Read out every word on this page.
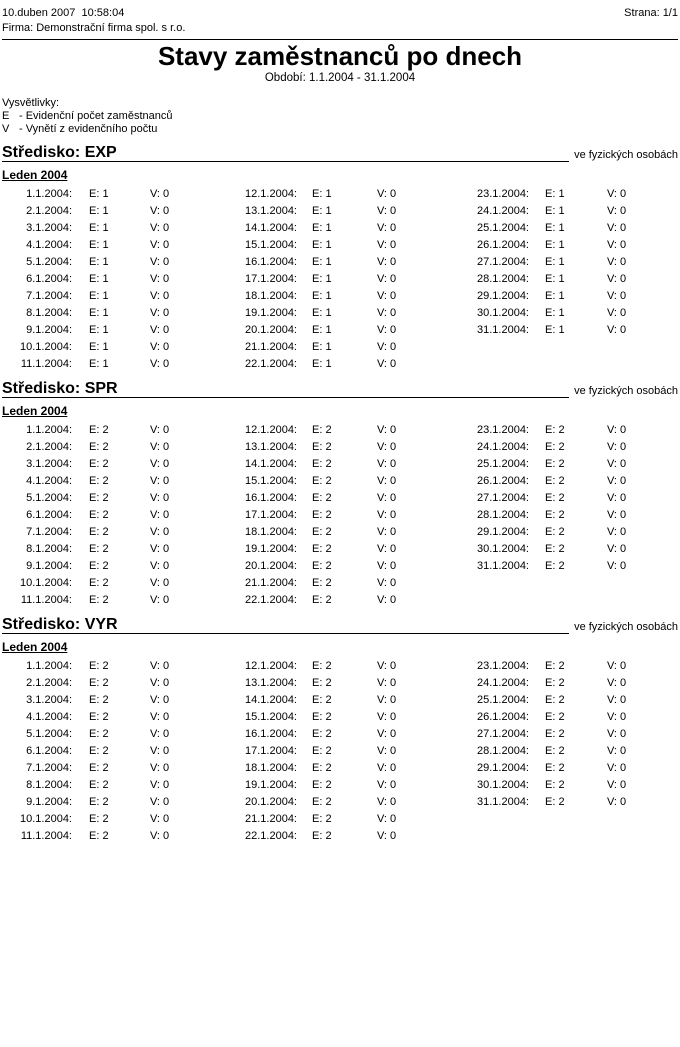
10.duben 2007  10:58:04	Strana: 1/1
Firma: Demonstrační firma spol. s r.o.
Stavy zaměstnanců po dnech
Období: 1.1.2004 - 31.1.2004
Vysvětlivky:
E - Evidenční počet zaměstnanců
V - Vynětí z evidenčního počtu
Středisko: EXP	ve fyzických osobách
Leden 2004
1.1.2004: E: 1	V: 0	12.1.2004: E: 1	V: 0	23.1.2004: E: 1	V: 0
2.1.2004: E: 1	V: 0	13.1.2004: E: 1	V: 0	24.1.2004: E: 1	V: 0
3.1.2004: E: 1	V: 0	14.1.2004: E: 1	V: 0	25.1.2004: E: 1	V: 0
4.1.2004: E: 1	V: 0	15.1.2004: E: 1	V: 0	26.1.2004: E: 1	V: 0
5.1.2004: E: 1	V: 0	16.1.2004: E: 1	V: 0	27.1.2004: E: 1	V: 0
6.1.2004: E: 1	V: 0	17.1.2004: E: 1	V: 0	28.1.2004: E: 1	V: 0
7.1.2004: E: 1	V: 0	18.1.2004: E: 1	V: 0	29.1.2004: E: 1	V: 0
8.1.2004: E: 1	V: 0	19.1.2004: E: 1	V: 0	30.1.2004: E: 1	V: 0
9.1.2004: E: 1	V: 0	20.1.2004: E: 1	V: 0	31.1.2004: E: 1	V: 0
10.1.2004: E: 1	V: 0	21.1.2004: E: 1	V: 0
11.1.2004: E: 1	V: 0	22.1.2004: E: 1	V: 0
Středisko: SPR	ve fyzických osobách
Leden 2004
1.1.2004: E: 2	V: 0	12.1.2004: E: 2	V: 0	23.1.2004: E: 2	V: 0
2.1.2004: E: 2	V: 0	13.1.2004: E: 2	V: 0	24.1.2004: E: 2	V: 0
3.1.2004: E: 2	V: 0	14.1.2004: E: 2	V: 0	25.1.2004: E: 2	V: 0
4.1.2004: E: 2	V: 0	15.1.2004: E: 2	V: 0	26.1.2004: E: 2	V: 0
5.1.2004: E: 2	V: 0	16.1.2004: E: 2	V: 0	27.1.2004: E: 2	V: 0
6.1.2004: E: 2	V: 0	17.1.2004: E: 2	V: 0	28.1.2004: E: 2	V: 0
7.1.2004: E: 2	V: 0	18.1.2004: E: 2	V: 0	29.1.2004: E: 2	V: 0
8.1.2004: E: 2	V: 0	19.1.2004: E: 2	V: 0	30.1.2004: E: 2	V: 0
9.1.2004: E: 2	V: 0	20.1.2004: E: 2	V: 0	31.1.2004: E: 2	V: 0
10.1.2004: E: 2	V: 0	21.1.2004: E: 2	V: 0
11.1.2004: E: 2	V: 0	22.1.2004: E: 2	V: 0
Středisko: VYR	ve fyzických osobách
Leden 2004
1.1.2004: E: 2	V: 0	12.1.2004: E: 2	V: 0	23.1.2004: E: 2	V: 0
2.1.2004: E: 2	V: 0	13.1.2004: E: 2	V: 0	24.1.2004: E: 2	V: 0
3.1.2004: E: 2	V: 0	14.1.2004: E: 2	V: 0	25.1.2004: E: 2	V: 0
4.1.2004: E: 2	V: 0	15.1.2004: E: 2	V: 0	26.1.2004: E: 2	V: 0
5.1.2004: E: 2	V: 0	16.1.2004: E: 2	V: 0	27.1.2004: E: 2	V: 0
6.1.2004: E: 2	V: 0	17.1.2004: E: 2	V: 0	28.1.2004: E: 2	V: 0
7.1.2004: E: 2	V: 0	18.1.2004: E: 2	V: 0	29.1.2004: E: 2	V: 0
8.1.2004: E: 2	V: 0	19.1.2004: E: 2	V: 0	30.1.2004: E: 2	V: 0
9.1.2004: E: 2	V: 0	20.1.2004: E: 2	V: 0	31.1.2004: E: 2	V: 0
10.1.2004: E: 2	V: 0	21.1.2004: E: 2	V: 0
11.1.2004: E: 2	V: 0	22.1.2004: E: 2	V: 0
